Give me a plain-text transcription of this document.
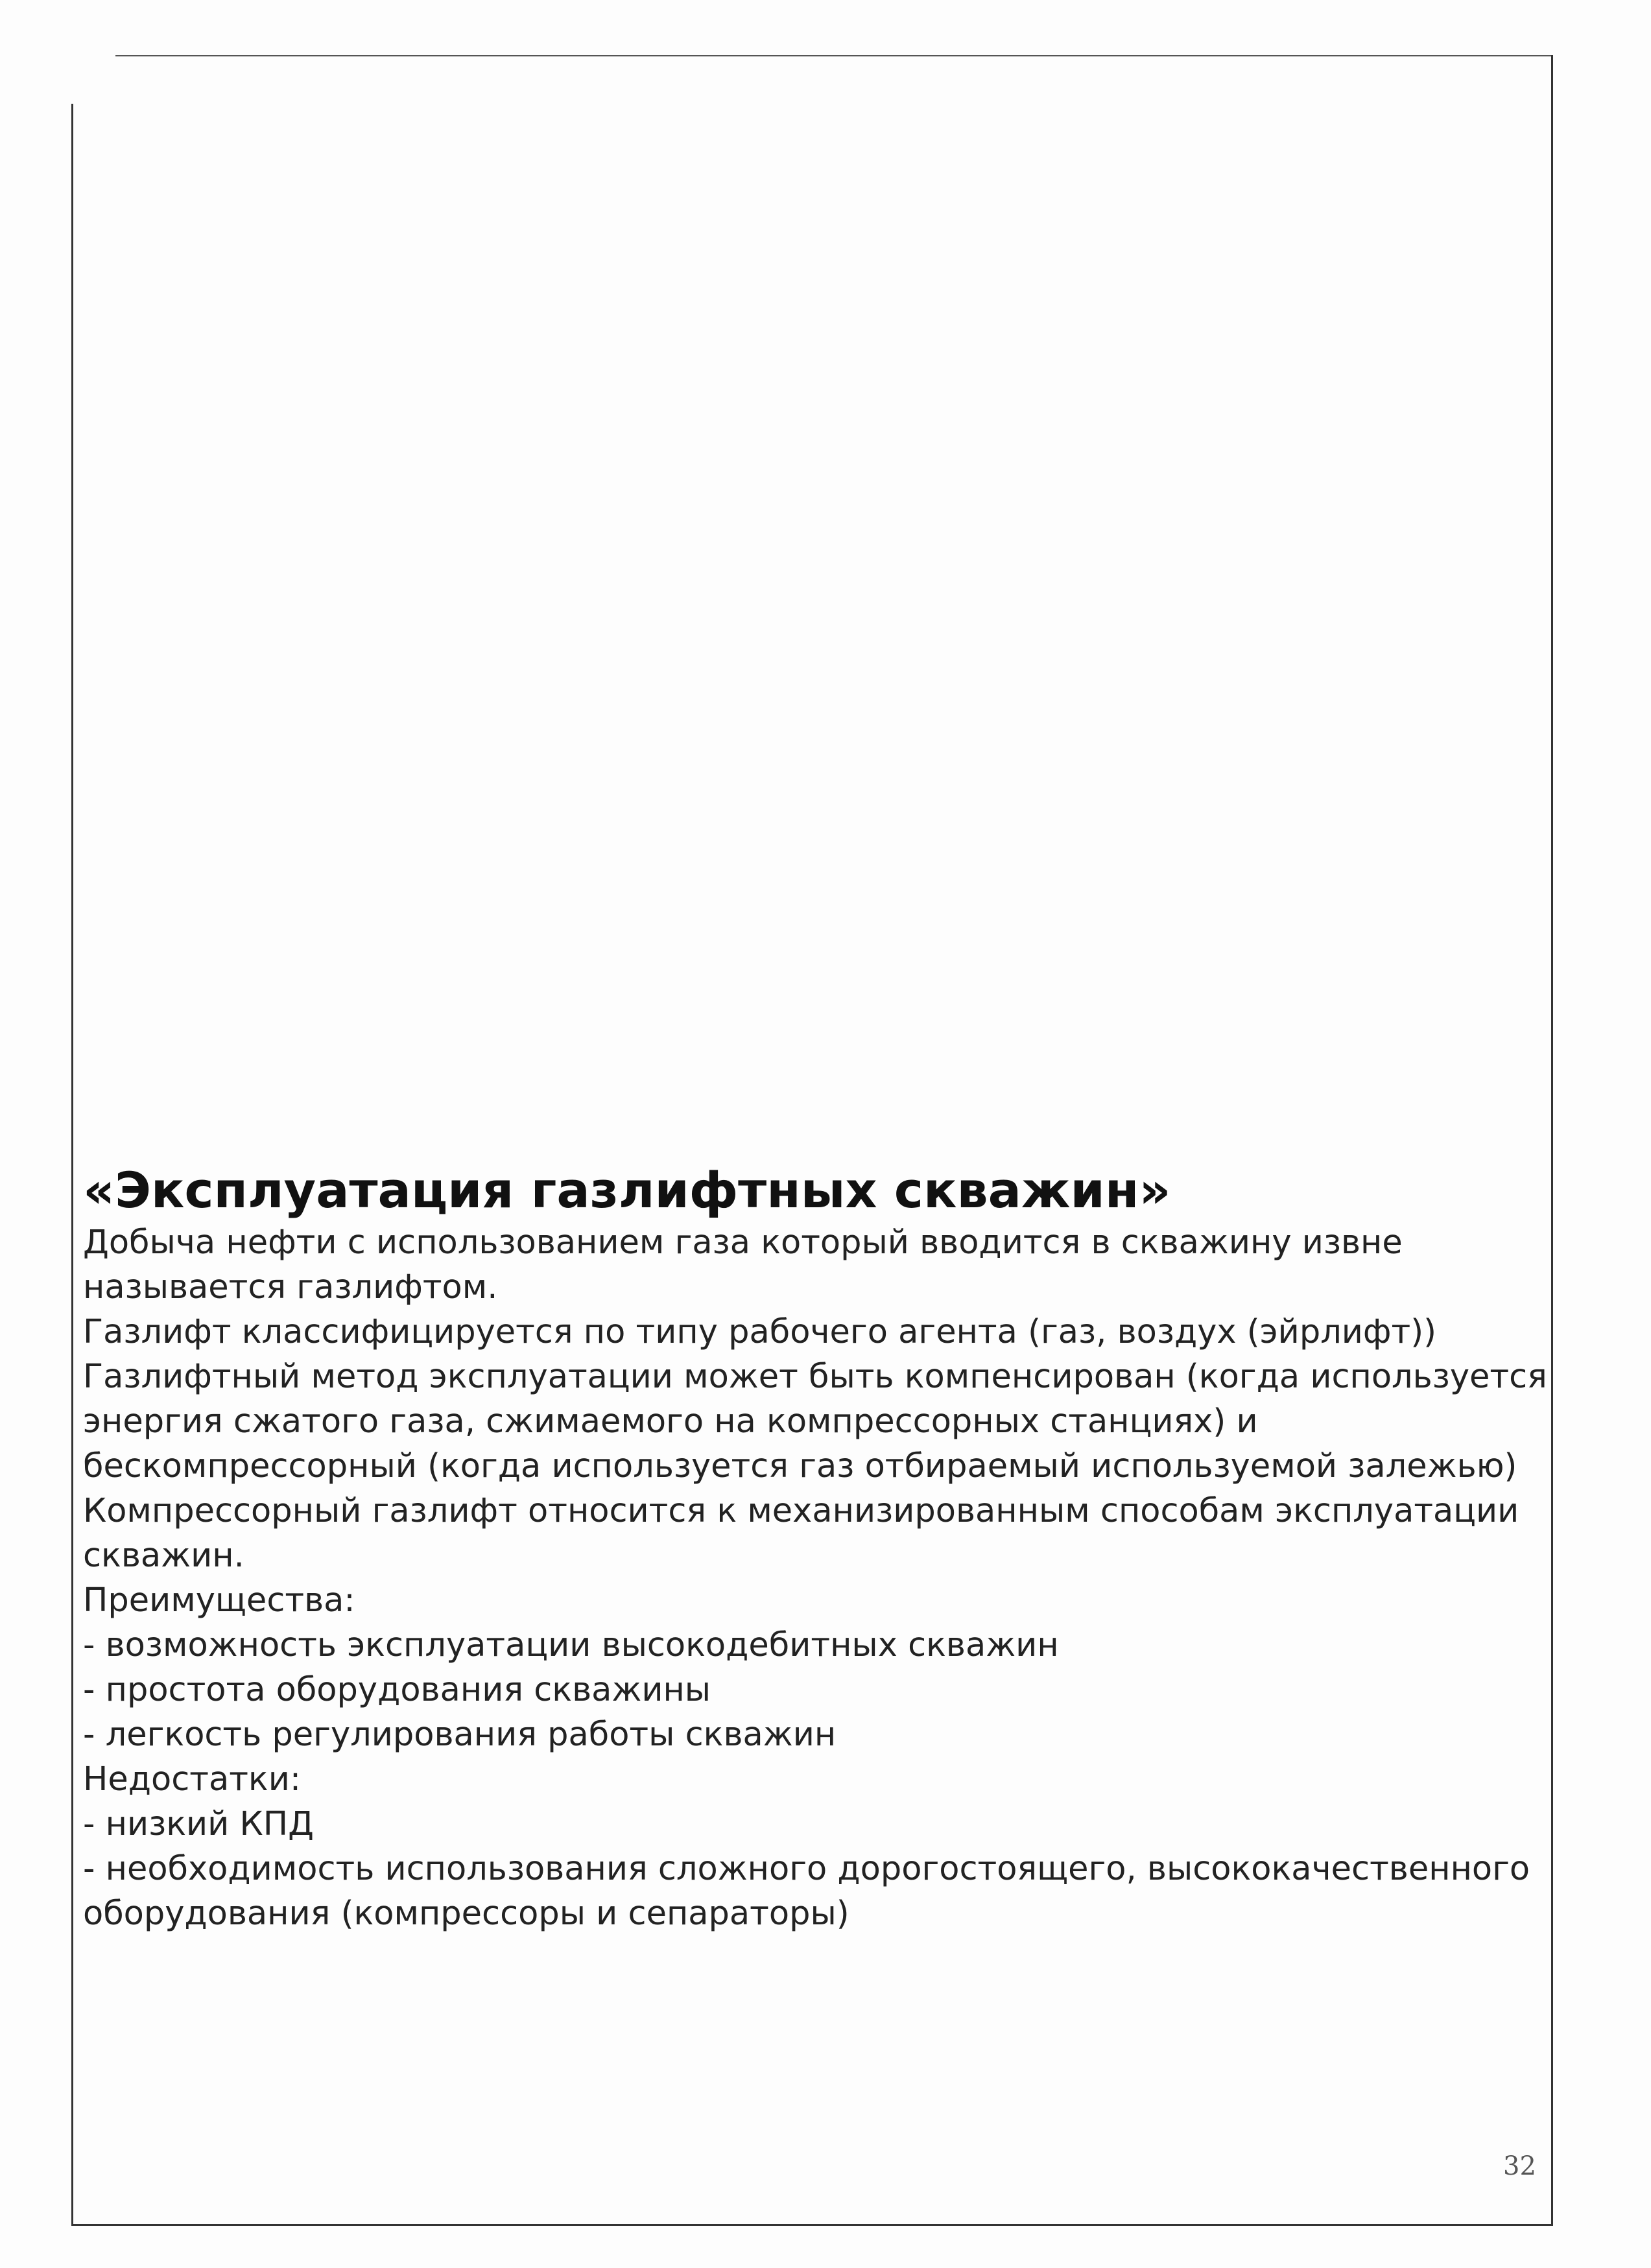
«Эксплуатация газлифтных скважин»

Добыча нефти с использованием газа который вводится в скважину извне
называется газлифтом.
Газлифт классифицируется по типу рабочего агента (газ, воздух (эйрлифт))
Газлифтный метод эксплуатации может быть компенсирован (когда используется
энергия сжатого газа, сжимаемого на компрессорных станциях) и
бескомпрессорный (когда используется газ отбираемый используемой залежью)
Компрессорный газлифт относится к механизированным способам эксплуатации
скважин.
Преимущества:
- возможность эксплуатации высокодебитных скважин
- простота оборудования скважины
- легкость регулирования работы скважин
Недостатки:
- низкий КПД
- необходимость использования сложного дорогостоящего, высококачественного
оборудования (компрессоры и сепараторы)

32
